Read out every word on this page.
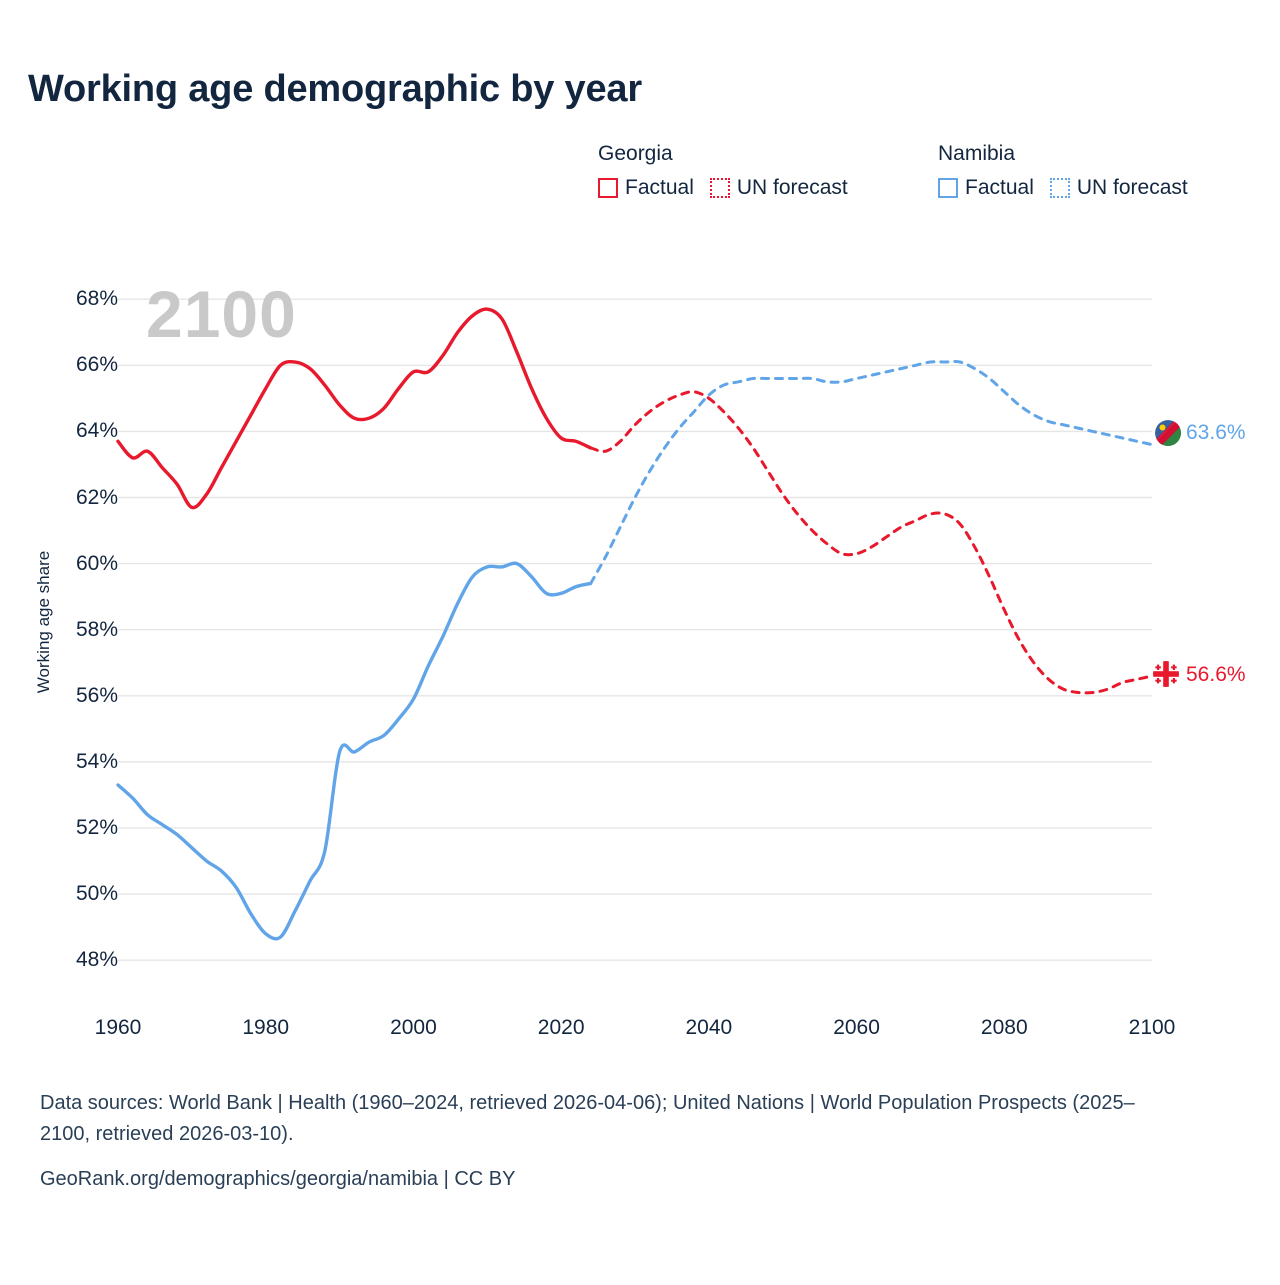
Working age demographic by year
Georgia
Factual UN forecast
Namibia
Factual UN forecast
2100
Working age share
48%
50%
52%
54%
56%
58%
60%
62%
64%
66%
68%
1960	1980	2000	2020	2040	2060	2080	2100
63.6%
56.6%

Data sources: World Bank | Health (1960–2024, retrieved 2026-04-06); United Nations | World Population Prospects (2025–2100, retrieved 2026-03-10).

GeoRank.org/demographics/georgia/namibia | CC BY
